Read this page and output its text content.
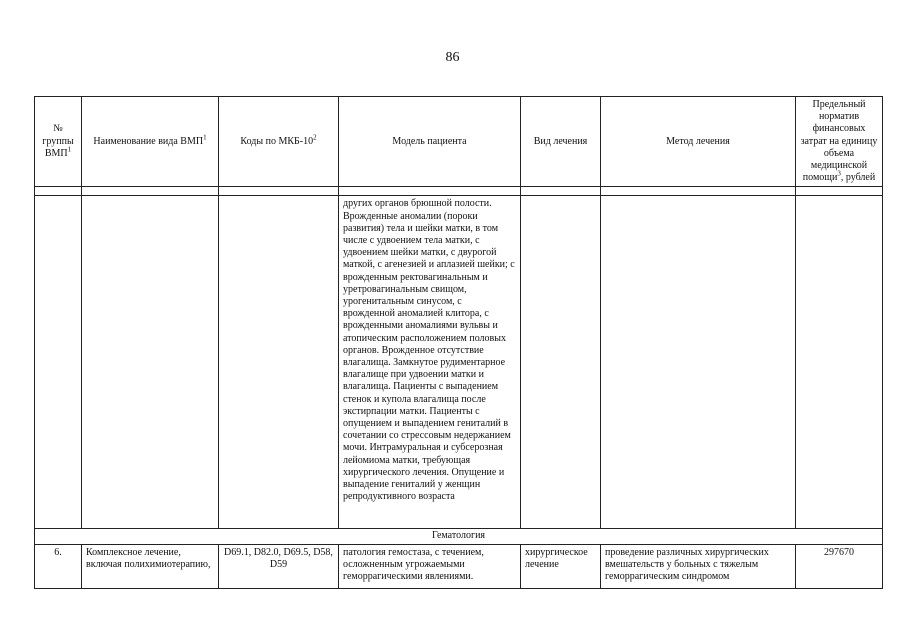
86
№ группы ВМП$^1$	Наименование вида ВМП$^1$	Коды по МКБ-$10^2$	Модель пациента	Вид лечения	Метод лечения	Предельный норматив финансовых затрат на единицу объема медицинской помощи$^3$, рублей

			других органов брюшной полости. Врожденные аномалии (пороки развития) тела и шейки матки, в том числе с удвоением тела матки, с удвоением шейки матки, с двурогой маткой, с агенезией и аплазией шейки; с врожденным ректовагинальным и уретровагинальным свищом, урогенитальным синусом, с врожденной аномалией клитора, с врожденными аномалиями вульвы и атопическим расположением половых органов. Врожденное отсутствие влагалища. Замкнутое рудиментарное влагалище при удвоении матки и влагалища. Пациенты с выпадением стенок и купола влагалища после экстирпации матки. Пациенты с опущением и выпадением гениталий в сочетании со стрессовым недержанием мочи. Интрамуральная и субсерозная лейомиома матки, требующая хирургического лечения. Опущение и выпадение гениталий у женщин репродуктивного возраста			
Гематология						
6.	Комплексное лечение, включая полихимиотерапию,	D69.1, D82.0, D69.5, D58, D59	патология гемостаза, с течением, осложненным угрожаемыми геморрагическими явлениями.	хирургическое лечение	проведение различных хирургических вмешательств у больных с тяжелым геморрагическим синдромом	297670
